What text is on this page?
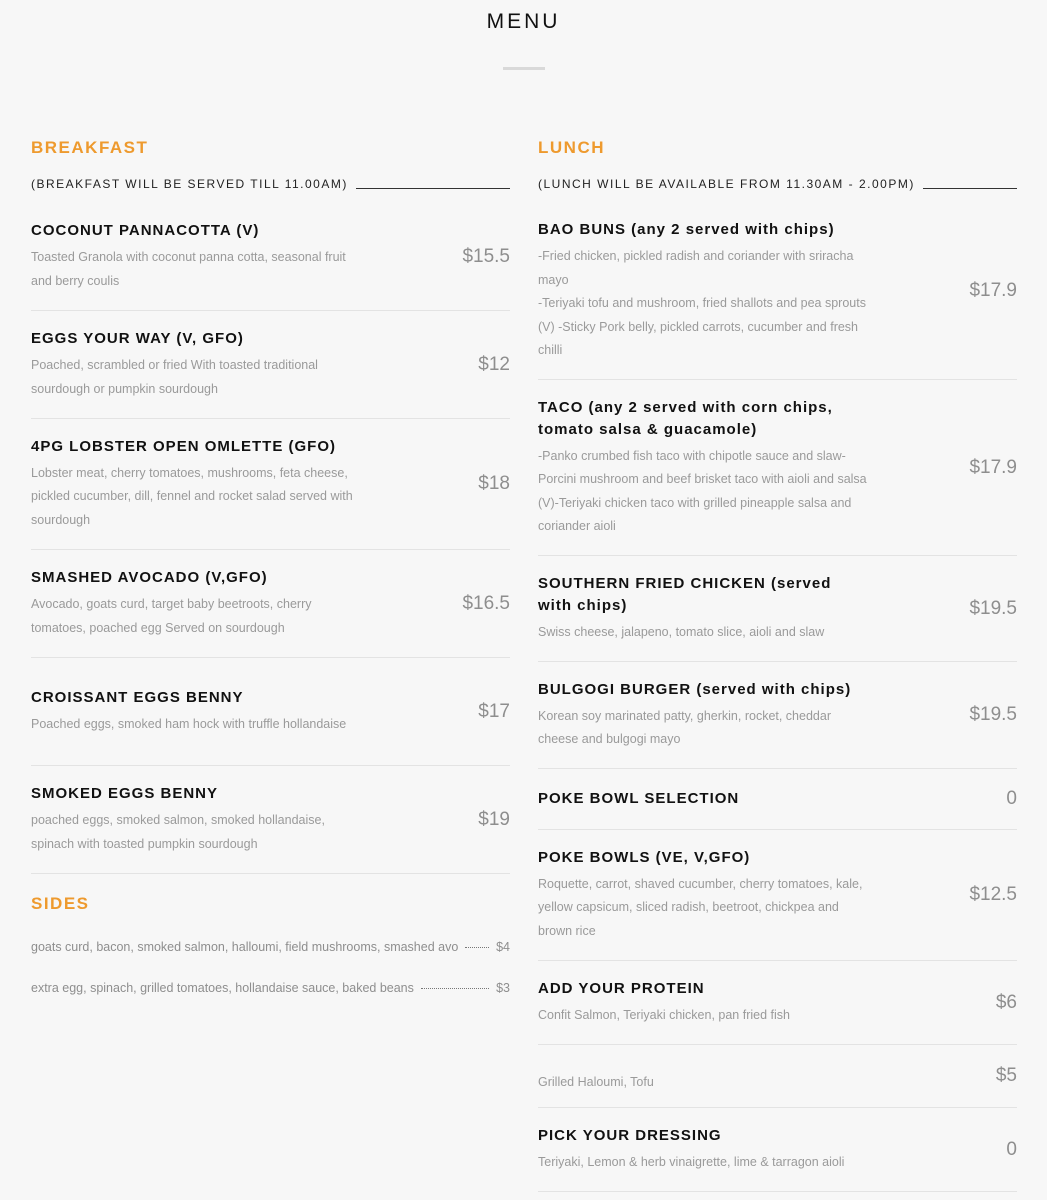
MENU
BREAKFAST
(BREAKFAST WILL BE SERVED TILL 11.00AM)
COCONUT PANNACOTTA (V)
Toasted Granola with coconut panna cotta, seasonal fruit and berry coulis
$15.5
EGGS YOUR WAY (V, GFO)
Poached, scrambled or fried With toasted traditional sourdough or pumpkin sourdough
$12
4PG LOBSTER OPEN OMLETTE (GFO)
Lobster meat, cherry tomatoes, mushrooms, feta cheese, pickled cucumber, dill, fennel and rocket salad served with sourdough
$18
SMASHED AVOCADO (V,GFO)
Avocado, goats curd, target baby beetroots, cherry tomatoes, poached egg Served on sourdough
$16.5
CROISSANT EGGS BENNY
Poached eggs, smoked ham hock with truffle hollandaise
$17
SMOKED EGGS BENNY
poached eggs, smoked salmon, smoked hollandaise, spinach with toasted pumpkin sourdough
$19
SIDES
goats curd, bacon, smoked salmon, halloumi, field mushrooms, smashed avo	$4
extra egg, spinach, grilled tomatoes, hollandaise sauce, baked beans	$3
LUNCH
(LUNCH WILL BE AVAILABLE FROM 11.30AM - 2.00PM)
BAO BUNS (any 2 served with chips)
-Fried chicken, pickled radish and coriander with sriracha mayo
-Teriyaki tofu and mushroom, fried shallots and pea sprouts (V) -Sticky Pork belly, pickled carrots, cucumber and fresh chilli
$17.9
TACO (any 2 served with corn chips, tomato salsa & guacamole)
-Panko crumbed fish taco with chipotle sauce and slaw-Porcini mushroom and beef brisket taco with aioli and salsa (V)-Teriyaki chicken taco with grilled pineapple salsa and coriander aioli
$17.9
SOUTHERN FRIED CHICKEN (served with chips)
Swiss cheese, jalapeno, tomato slice, aioli and slaw
$19.5
BULGOGI BURGER (served with chips)
Korean soy marinated patty, gherkin, rocket, cheddar cheese and bulgogi mayo
$19.5
POKE BOWL SELECTION	0
POKE BOWLS (VE, V,GFO)
Roquette, carrot, shaved cucumber, cherry tomatoes, kale, yellow capsicum, sliced radish, beetroot, chickpea and brown rice
$12.5
ADD YOUR PROTEIN
Confit Salmon, Teriyaki chicken, pan fried fish
$6
Grilled Haloumi, Tofu	$5
PICK YOUR DRESSING
Teriyaki, Lemon & herb vinaigrette, lime & tarragon aioli
0
